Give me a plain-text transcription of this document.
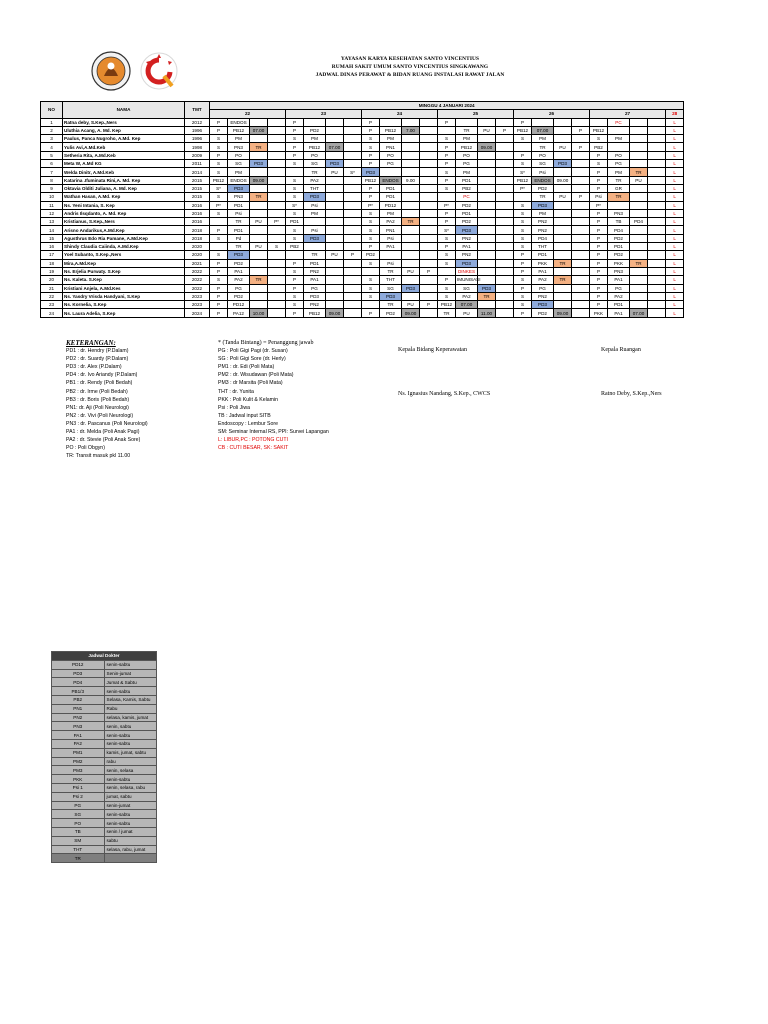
YAYASAN KARYA KESEHATAN SANTO VINCENTIUS
RUMAH SAKIT UMUM SANTO VINCENTIUS SINGKAWANG
JADWAL DINAS PERAWAT & BIDAN RUANG INSTALASI RAWAT JALAN
NO	NAMA	TMT	MINGGU 4 JANUARI 2024																								
			22				23				24				25				26				27				28
1	Ratna deby, S.Kep.,Ners	2012	P	ENDOS			P				P				P				P					PC			L
2	Uluthia Acang, A. Md. Kep	1996	P	PB12	07.00		P	PD2			P	PB12	7.00			TR	PU	P	PB12	07.00		P	PB12				L
3	Paulus, Panca Nugroho, A.Md. Kep	1996	S	PM			S	PM			S	PM			S	PM			S	PM			S	PM			L
4	Yulis Avi,A.Md.Keb	1998	S	PN3	TR		P	PB12	07.00		S	PN1			P	PB12	09.00			TR	PU	P	PB2				L
5	Setheria Rita, A.Md.Keb	2009	P	PO			P	PO			P	PO			P	PO			P	PO			P	PO			L
6	Meta W, A.Md KG	2011	S	SG	PD3		S	SG	PD3		P	PG			P	PG			S	SG	PD3		S	PG			L
7	Welda Dinitr, A.Md.Keb	2014	S	PM				TR	PU	S*	PD3				S	PM			S*	Psi			P	PM	TR		L
8	Katarina .Ifuminata Rini,A. Md. Kep	2015	PB12	ENDOS	09.00		S	PA2			PB12	ENDOS	9.00		P	PD1			PB12	ENDOS	09.00		P	TR	PU		L
9	Oktavia Olditi Juliana, A. Md. Kep	2015	S*	PD3			S	THT			P	PD1			S	PB2			P*	PD2			P	GR			L
10	Wathan Hasan, A.Md. Kep	2015	S	PN3	TR		S	PD3			P	PD1				PC				TR	PU	P	Psi	TR			L
11	Ns. Yeni Intania, S. Kep	2016	P*	PD1			S*	Psi			P*	PD12			P*	PD2			S	PD3			P*				L
12	Andris Ilsqdanto, A. Md. Kep	2016	S	Psi			S	PM			S	PM			P	PD1			S	PM			P	PN3			L
13	Kristianus, S.Kep.,Ners	2016		TR	PU	P*	PD1				S	PA2	TR		P	PD2			S	PN2			P	TB	PD4		L
14	Arisno Andarikus,A.Md.Kep	2018	P	PD1			S	Psi			S	PN1			S*	PD3			S	PN2			P	PD4			L
15	Agusthrus Edo Ria Pamane, A.Md.Kep	2018	S	Pd			S	PD3			S	Psi			S	PN2			S	PD4			P	PD2			L
16	Shindy Claudia Caiinda, A.Md.Kep	2020		TR	PU	S	PB2				P	PA1			P	PA1			S	THT			P	PD1			L
17	Yoel Subanto, S.Kep.,Ners	2020	S	PD3				TR	PU	P	PD2				S	PN2			P	PD1			P	PD2			L
18	Mira,A.Md.Kep	2021	P	PD2			P	PD1			S	Psi			S	PD3			P	PKK	TR		P	PKK	TR		L
19	Ns. Erjelia Purwaty. S.Kep	2022	P	PA1			S	PN2				TR	PU	P		DINKES			P	PA1			P	PN3			L
20	Ns. Kaleta. S.Kep	2022	S	PA2	TR		P	PA1			S	THT			P	IMUNISASI			S	PA2	TR		P	PA1			L
21	Kristiani Anjela, A.Md.Kes	2022	P	PG			P	PG			S	SG	PD3		S	SG	PD3		P	PG			P	PG			L
22	Ns. Yasdry Vrisda Handyani, S.Kep	2023	P	PD2			S	PD3			S	PD3			S	PA2	TR		S	PN2			P	PA2			L
23	Ns. Kornelia, S.Kep	2023	P	PD12			S	PN2				TR	PU	P	PB12	07.00			S	PD3			P	PD1			L
24	Ns. Laura Adelia, S.Kep	2024	P	PA12	10.00		P	PB12	09.00		P	PD2	09.00		TR	PU	11.00		P	PD2	09.00		PKK	PA1	07.00		L
KETERANGAN:
PD1 : dr. Hendry (P.Dalam)
PD2 : dr. Suardy (P.Dalam)
PD3 : dr. Alex (P.Dalam)
PD4 : dr. Ivo Ariandy (P.Dalam)
PB1 : dr. Rendy (Poli Bedah)
PB2 : dr. Irme (Poli Bedah)
PB3 : dr. Boris (Poli Bedah)
PN1: dr. Aji (Poli Neurologi)
PN2 : dr. Vivi (Poli Neurologi)
PN3 : dr. Pascanus (Poli Neurologi)
PA1 : dr. Melda (Poli Anak Pagi)
PA2 : dr. Stevie (Poli Anak Sore)
PO : Poli Obgyn)
TR: Transit masuk pkl 11.00
* (Tanda Bintang) = Penanggung jawab
PG : Poli Gigi Pagi (dr. Susan)
SG : Poli Gigi Sore (dr. Herly)
PM1 : dr. Edi (Poli Mata)
PM2 : dr. Wisudawan (Poli Mata)
PM3 : dr Marsita (Poli Mata)
THT : dr. Yunita
PKK : Poli Kulit & Kelamin
Psi : Poli Jiwa
TB : Jadwal input SITB
Endoscopy : Lembur Sore
SM: Seminar Internal RS, PPI: Survei Lapangan
L: LIBUR,PC : POTONG CUTI
CB : CUTI BESAR, SK: SAKIT
Kepala Bidang Keperawatan	Kepala Ruangan
Ns. Ignasius Nandang, S.Kep., CWCS	Ratno Deby, S.Kep.,Ners
Jadwal Dokter	
PD12	senin-sabtu
PD3	Senin-jumat
PD4	Jumat & Sabtu
PB1/3	senin-sabtu
PB2	Selasa, Kamis, Sabtu
PN1	Rabu
PN2	selasa, kamis, jumat
PN3	senin, sabtu
PA1	senin-sabtu
PA2	senin-sabtu
PM1	kamis, jumat, sabtu
PM2	rabu
PM3	senin, selasa
PKK	senin-sabtu
Psi 1	senin, selasa, rabu
Psi 2	jumat, sabtu
PG	senin-jumat
SG	senin-sabtu
PO	senin-sabtu
TB	senin / jumat
SM	sabtu
THT	selasa, rabu, jumat
TR	
